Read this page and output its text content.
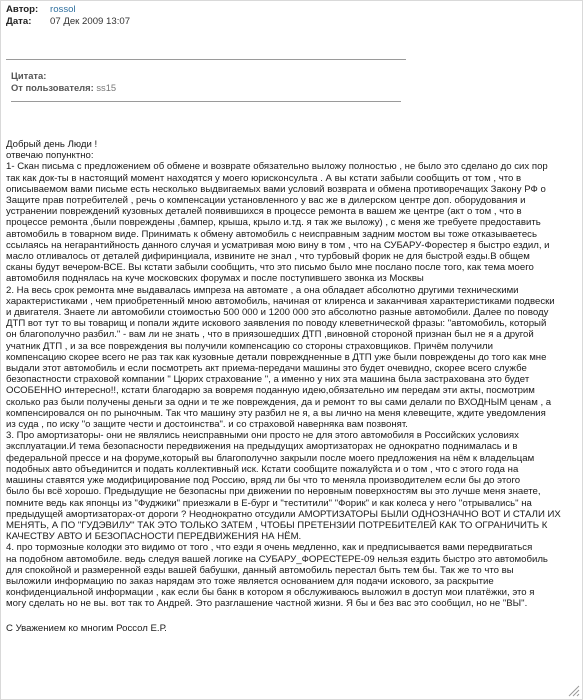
Автор: rossol
Дата: 07 Дек 2009 13:07
Цитата:
От пользователя: ss15

Добрый день Люди !

отвечаю попунктно:

1- Скан письма с предложением об обмене и возврате обязательно выложу полностью , не было это сделано до сих пор

так как док-ты в настоящий момент находятся у моего юрисконсульта . А вы кстати забыли сообщить от том , что в

описываемом вами письме есть несколько выдвигаемых вами условий возврата и обмена противоречащих Закону РФ о

Защите прав потребителей , речь о компенсации установленного у вас же в дилерском центре доп. оборудования и

устранении повреждений кузовных деталей появившихся в процессе ремонта в вашем же центре (акт о том , что в

процессе ремонта ,были повреждены ,бампер, крыша, крыло и.тд. я так же выложу) , с меня же требуете предоставить

автомобиль в товарном виде. Принимать к обмену автомобиль с неисправным задним мостом вы тоже отказываетесь

ссылаясь на негарантийность данного случая и усматривая мою вину в том , что на СУБАРУ-Форестер я быстро ездил, и

масло отливалось от деталей дифиринциала, извините не знал , что турбовый форик не для быстрой езды.В общем

сканы будут вечером-ВСЕ. Вы кстати забыли сообщить, что это письмо было мне послано после того, как тема моего

автомобиля поднялась на куче московских форумах и после поступившего звонка из Москвы

2. На весь срок ремонта мне выдавалась импреза на автомате , а она обладает абсолютно другими техническими

характеристиками , чем приобретенный мною автомобиль, начиная от клиренса и заканчивая характеристиками подвески

и двигателя. Знаете ли автомобили стоимостью 500 000 и 1200 000 это абсолютно разные автомобили. Далее по поводу

ДТП вот тут то вы товарищ и попали ждите искового заявления по поводу клеветнической фразы: "автомобиль, который

он благополучно разбил." - вам ли не знать , что в приязошедших ДТП ,виновной стороной признан был не я а другой

учатник ДТП , и за все повреждения вы получили компенсацию со стороны страховщиков. Причём получили

компенсацию скорее всего не раз так как кузовные детали повреждненные в ДТП уже были повреждены до того как мне

выдали этот автомобиль и если посмотреть акт приема-передачи машины это будет очевидно, скорее всего службе

безопастности страховой компании " Цюрих страхование ", а именно у них эта машина была застрахована это будет

ОСОБЕННО интересно!!, кстати благодарю за вовремя поданную идею,обязательно им передам эти акты, посмотрим

сколько раз были получены деньги за одни и те же повреждения, да и ремонт то вы сами делали по ВХОДНЫМ ценам , а

компенсировался он по рыночным. Так что машину эту разбил не я, а вы лично на меня клевещите, ждите уведомления

из суда , по иску "о защите чести и достоинства". и со страховой наверняка вам позвонят.

3. Про амортизаторы- они не являлись неисправными они просто не для этого автомобиля в Российских условиях

эксплуатации.И тема безопасности передвижения на предыдущих амортизаторах не однократно поднималась и в

федеральной прессе и на форуме,который вы благополучно закрыли после моего предложения на нём к владельцам

подобных авто объединится и подать коллективный иск. Кстати сообщите пожалуйста и о том , что с этого года на

машины ставятся уже модифицирование под Россию, вряд ли бы что то меняла производителем если бы до этого

было бы всё хорошо. Предыдущие не безопасны при движении по неровным поверхностям вы это лучше меня знаете,

помните ведь как японцы из "Фуджики" приезжали в Е-бург и "теститили" "Форик" и как колеса у него "отрывались" на

предыдущей амортизаторах-от дороги ? Неоднократно отсудили АМОРТИЗАТОРЫ БЫЛИ ОДНОЗНАЧНО ВОТ И СТАЛИ ИХ

МЕНЯТЬ, А ПО "ГУДЭВИЛУ" ТАК ЭТО ТОЛЬКО ЗАТЕМ , ЧТОБЫ ПРЕТЕНЗИИ ПОТРЕБИТЕЛЕЙ КАК ТО ОГРАНИЧИТЬ К

КАЧЕСТВУ АВТО И БЕЗОПАСНОСТИ ПЕРЕДВИЖЕНИЯ НА НЁМ.

4. про тормозные колодки это видимо от того , что езди я очень медленно, как и предписывается вами передвигаться

на подобном автомобиле. ведь следуя вашей логике на СУБАРУ_ФОРЕСТЕРЕ-09 нельзя ездить быстро это автомобиль

для спокойной и размеренной езды вашей бабушки, данный автомобиль перестал быть тем бы. Так же то что вы

выложили информацию по заказ нарядам это тоже является основанием для подачи искового, за раскрытие

конфиденциальной информации , как если бы банк в котором я обслуживаюсь выложил в доступ мои платёжки, это я

могу сделать но не вы. вот так то Андрей. Это разглашение частной жизни. Я бы и без вас это сообщил, но не "ВЫ".

С Уважением ко многим Россол Е.Р.
